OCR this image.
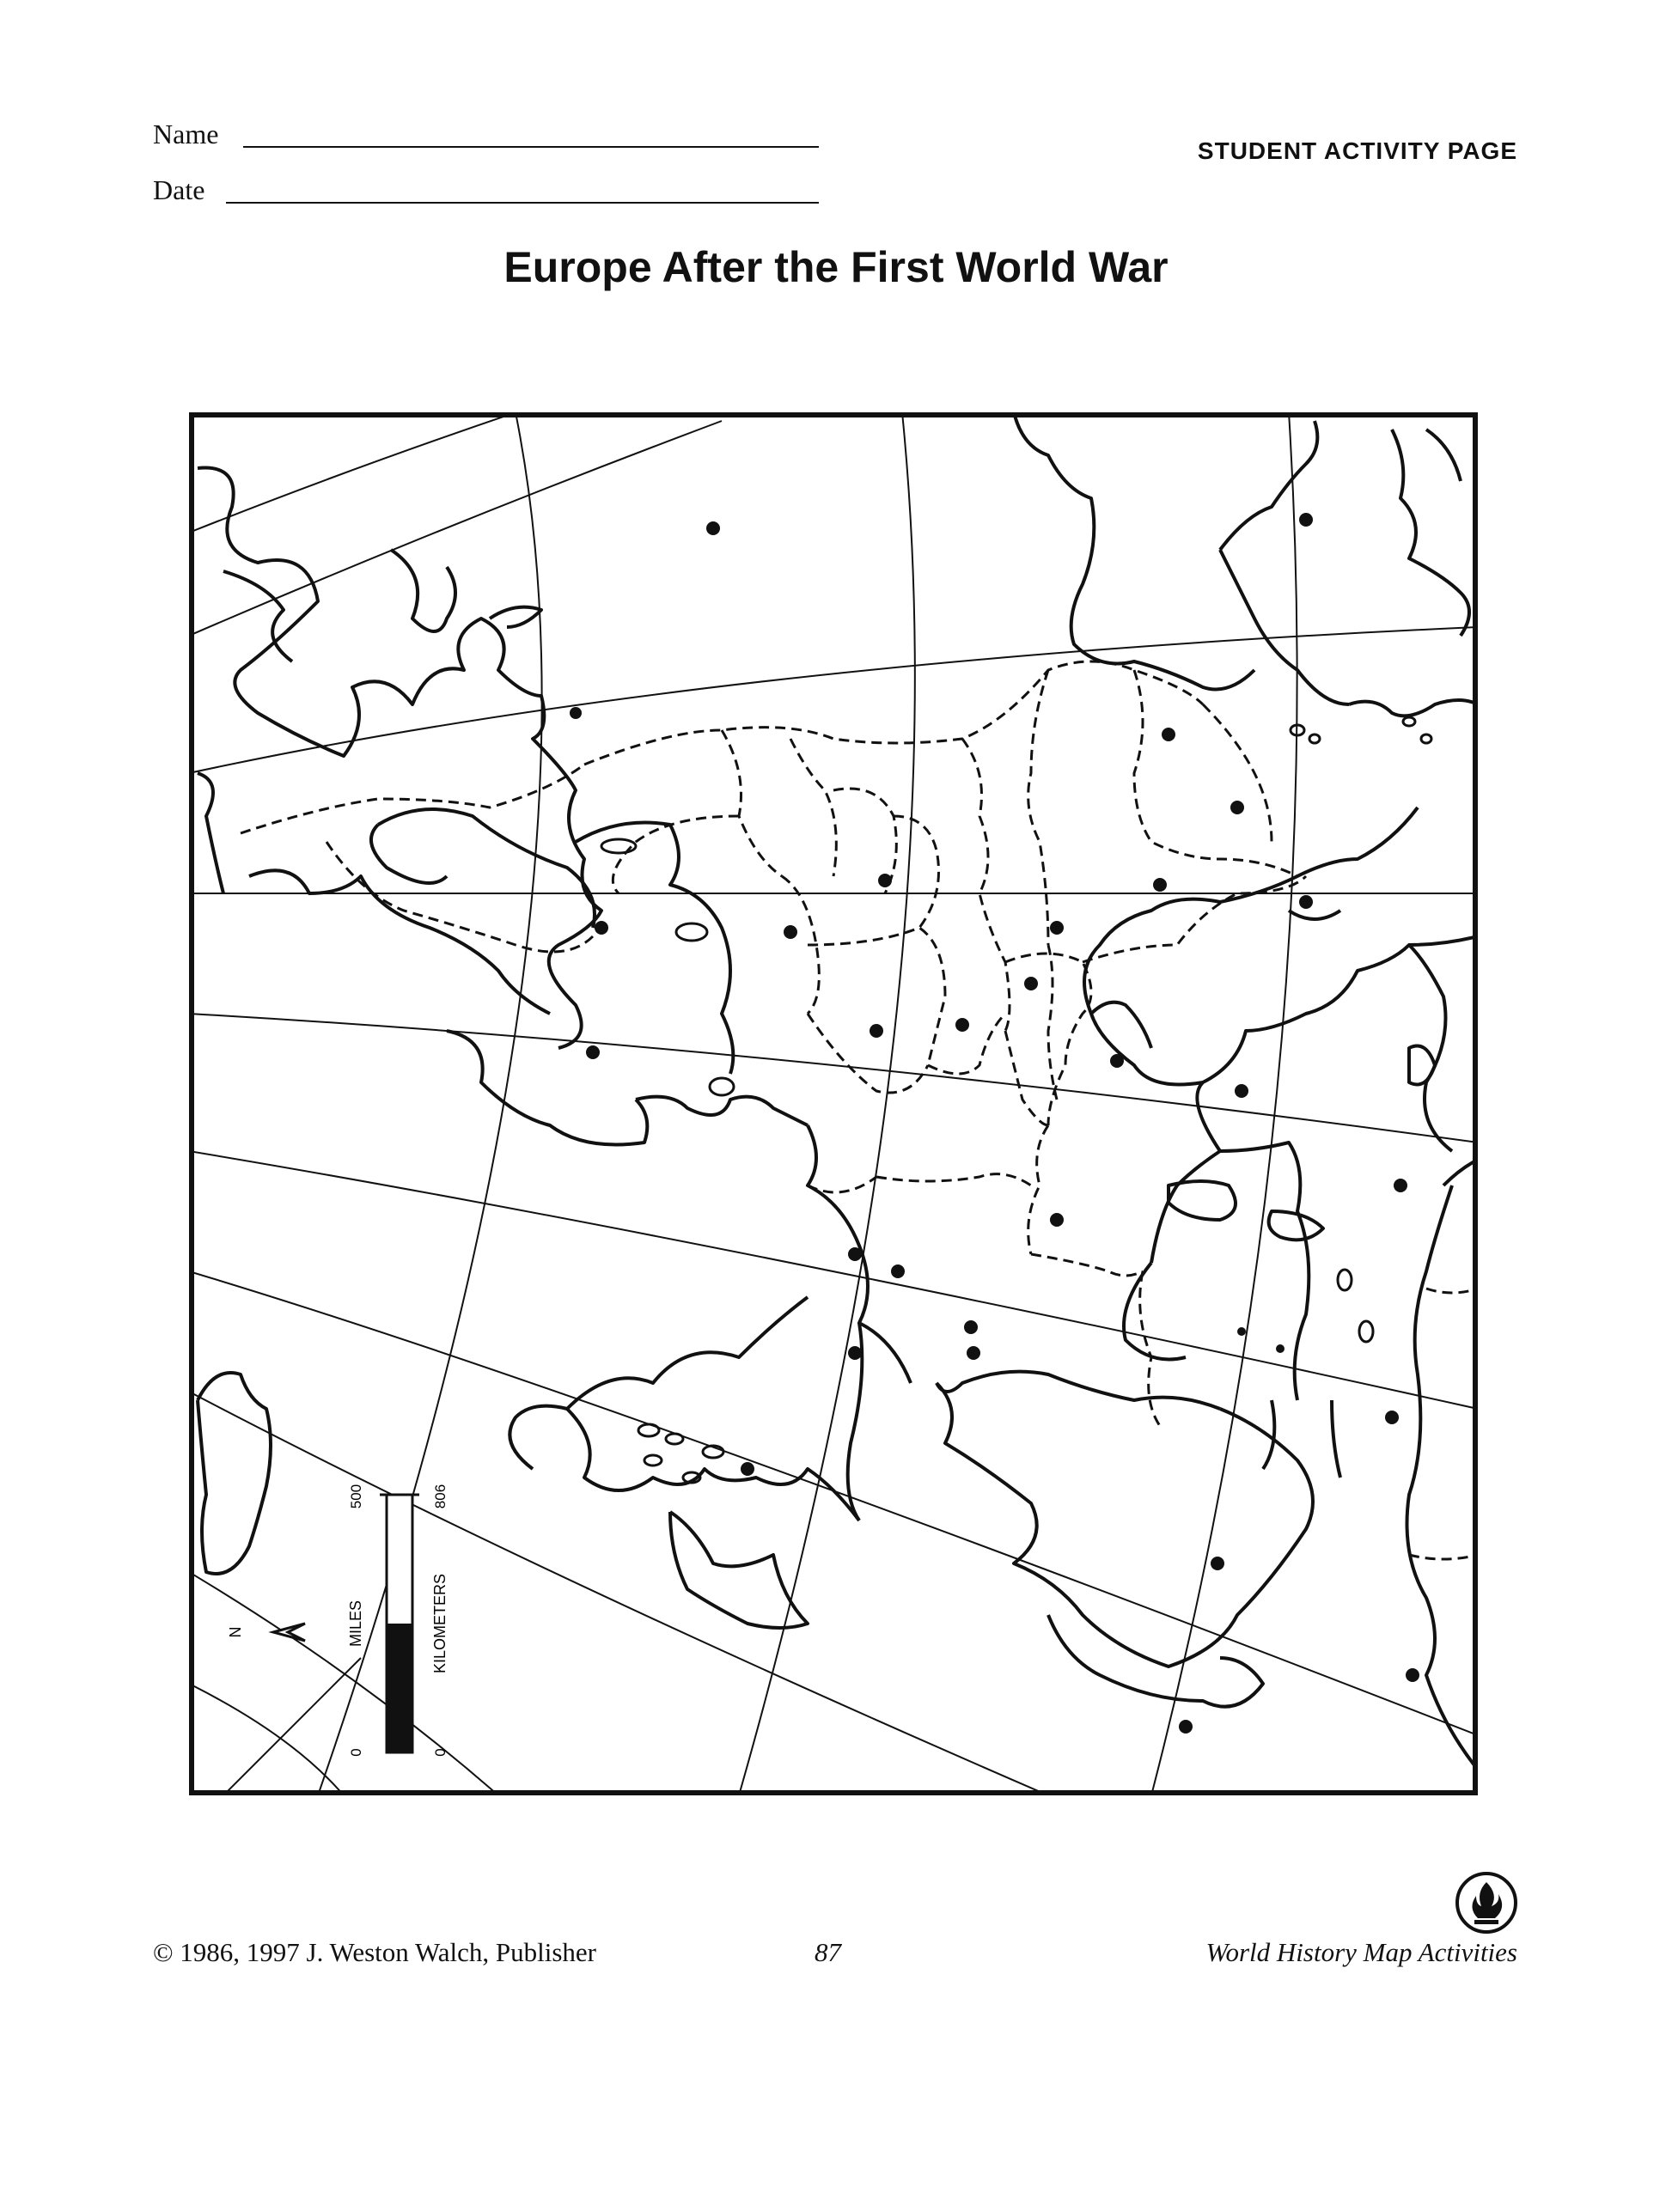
Name
Date
STUDENT ACTIVITY PAGE
Europe After the First World War
N	MILES	KILOMETERS
0
500
0
806
© 1986, 1997 J. Weston Walch, Publisher	87	World History Map Activities
